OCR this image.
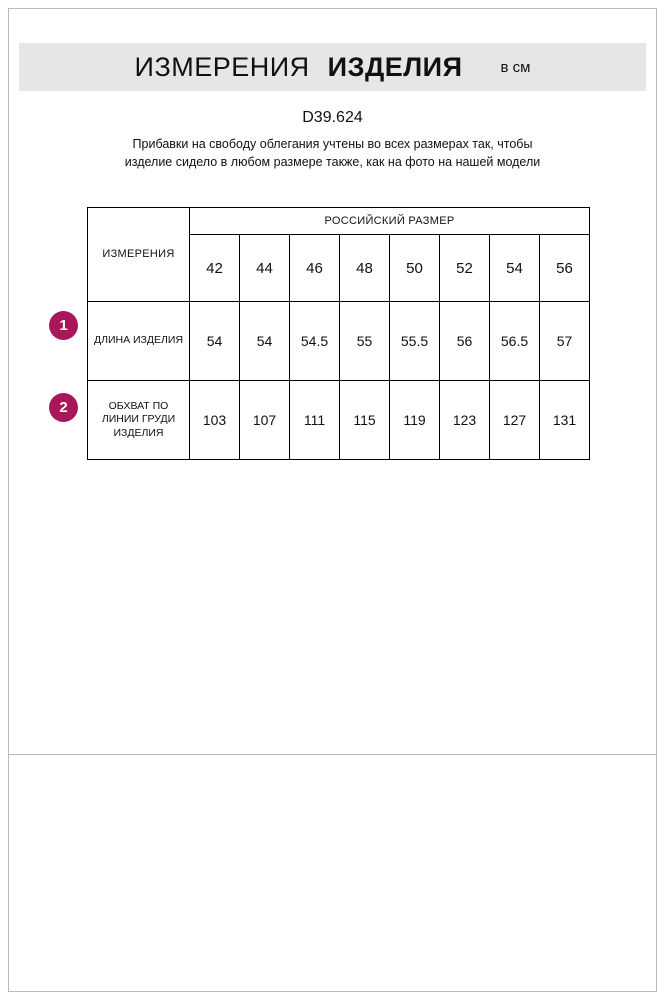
ИЗМЕРЕНИЯ ИЗДЕЛИЯ	в см
D39.624
Прибавки на свободу облегания учтены во всех размерах так, чтобы изделие сидело в любом размере также, как на фото на нашей модели
1
2
ИЗМЕРЕНИЯ	РОССИЙСКИЙ РАЗМЕР							
	42	44	46	48	50	52	54	56
ДЛИНА ИЗДЕЛИЯ	54	54	54.5	55	55.5	56	56.5	57
ОБХВАТ ПО ЛИНИИ ГРУДИ ИЗДЕЛИЯ	103	107	111	115	119	123	127	131
